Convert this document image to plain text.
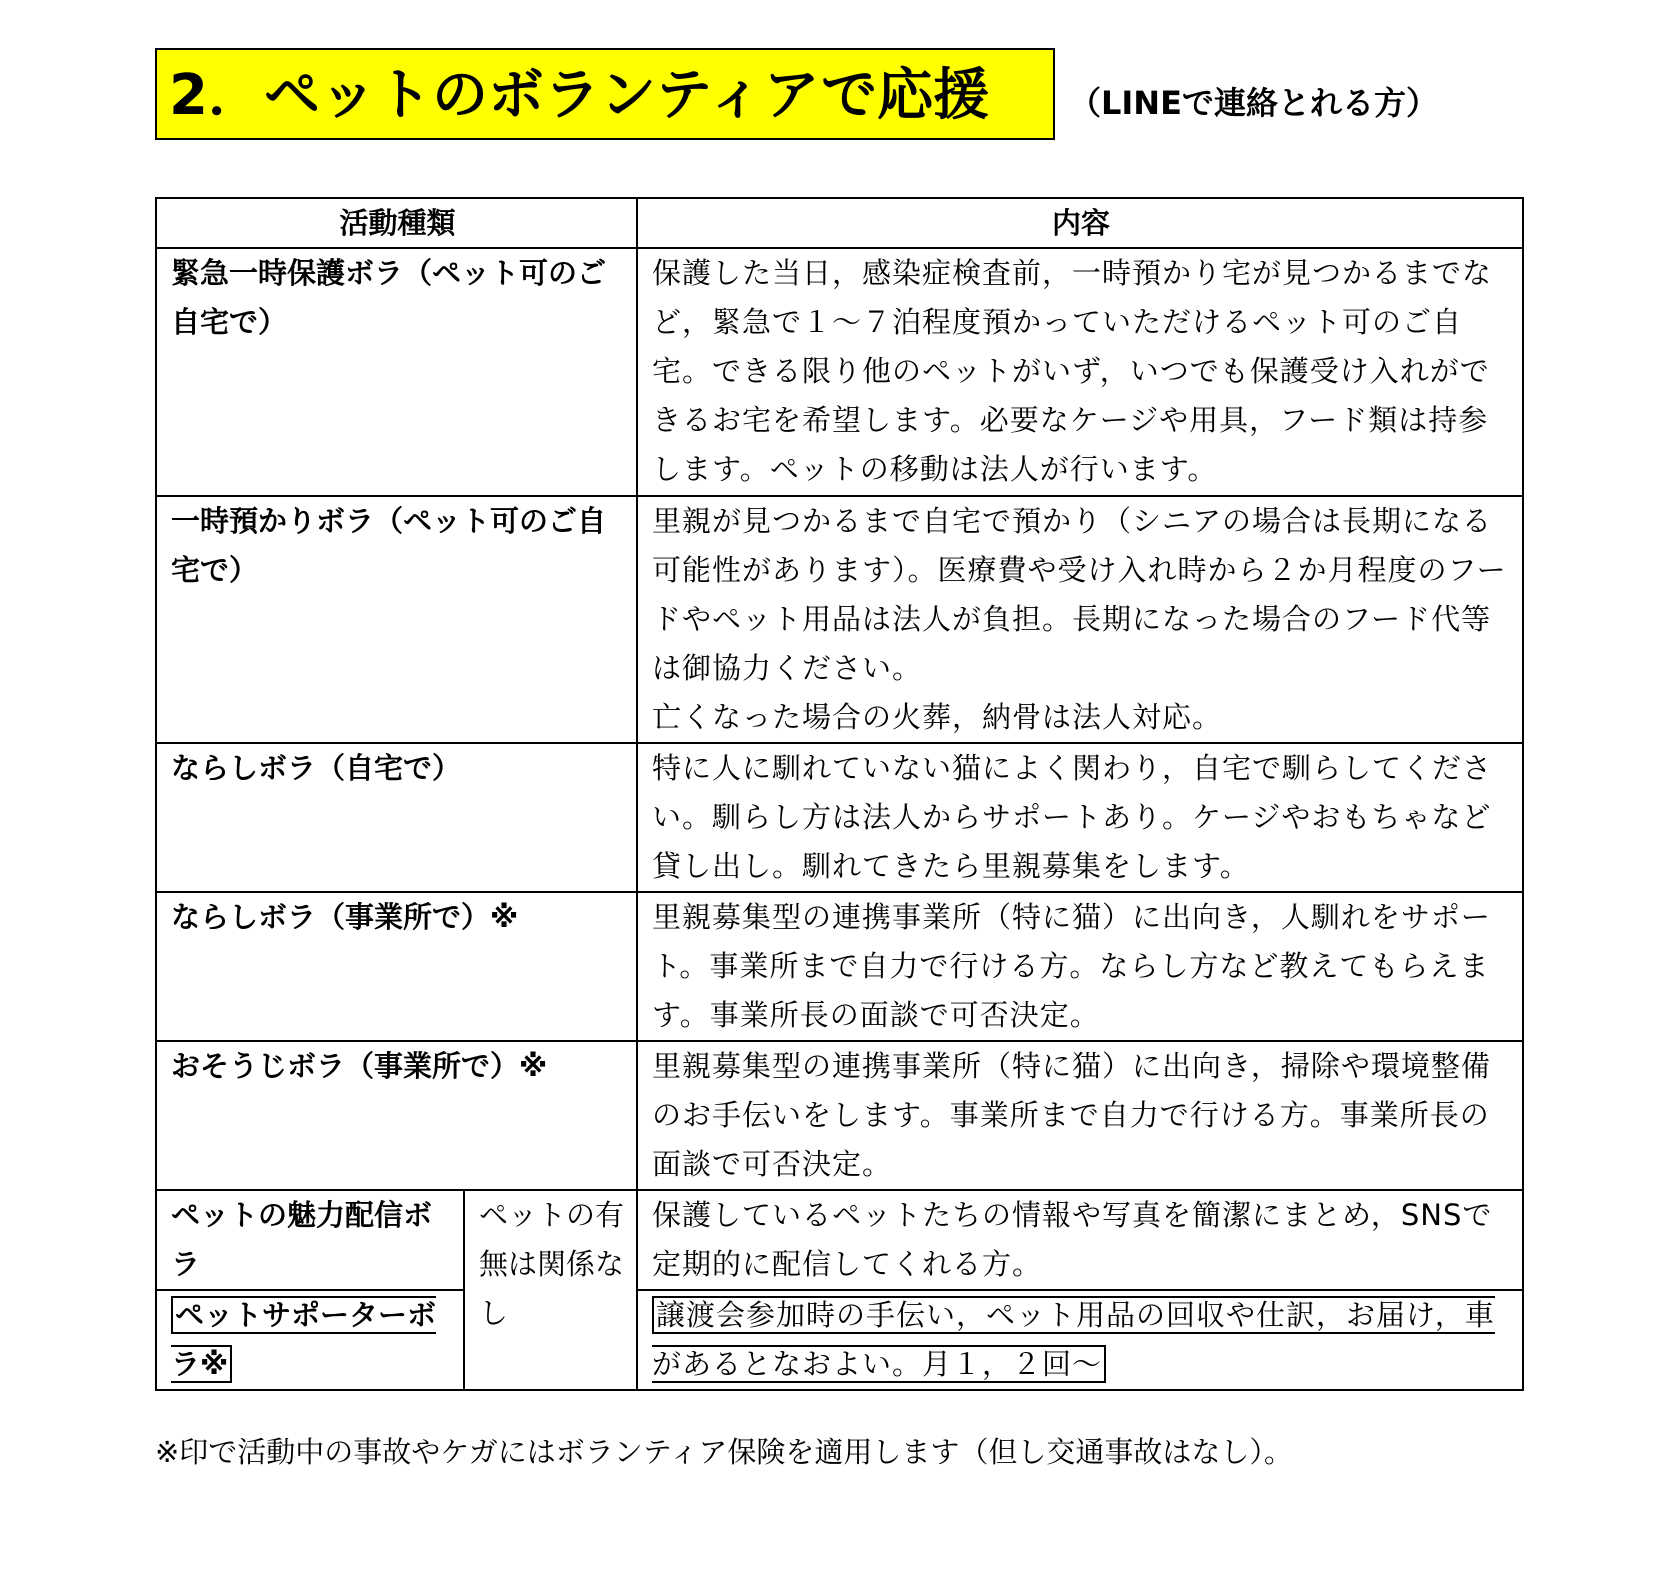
2．ペットのボランティアで応援	（LINEで連絡とれる方）
活動種類		内容
緊急一時保護ボラ（ペット可のご自宅で）		保護した当日，感染症検査前，一時預かり宅が見つかるまでなど，緊急で１～７泊程度預かっていただけるペット可のご自宅。できる限り他のペットがいず，いつでも保護受け入れができるお宅を希望します。必要なケージや用具，フード類は持参します。ペットの移動は法人が行います。
一時預かりボラ（ペット可のご自宅で）		里親が見つかるまで自宅で預かり（シニアの場合は長期になる可能性があります）。医療費や受け入れ時から２か月程度のフードやペット用品は法人が負担。長期になった場合のフード代等は御協力ください。
亡くなった場合の火葬，納骨は法人対応。

ならしボラ（自宅で）		特に人に馴れていない猫によく関わり，自宅で馴らしてください。馴らし方は法人からサポートあり。ケージやおもちゃなど貸し出し。馴れてきたら里親募集をします。
ならしボラ（事業所で）※		里親募集型の連携事業所（特に猫）に出向き，人馴れをサポート。事業所まで自力で行ける方。ならし方など教えてもらえます。事業所長の面談で可否決定。
おそうじボラ（事業所で）※		里親募集型の連携事業所（特に猫）に出向き，掃除や環境整備のお手伝いをします。事業所まで自力で行ける方。事業所長の面談で可否決定。
ペットの魅力配信ボラ	ペットの有無は関係なし	保護しているペットたちの情報や写真を簡潔にまとめ，SNSで定期的に配信してくれる方。
ペットサポーターボラ※		譲渡会参加時の手伝い，ペット用品の回収や仕訳，お届け，車があるとなおよい。月１，２回～
※印で活動中の事故やケガにはボランティア保険を適用します（但し交通事故はなし）。
